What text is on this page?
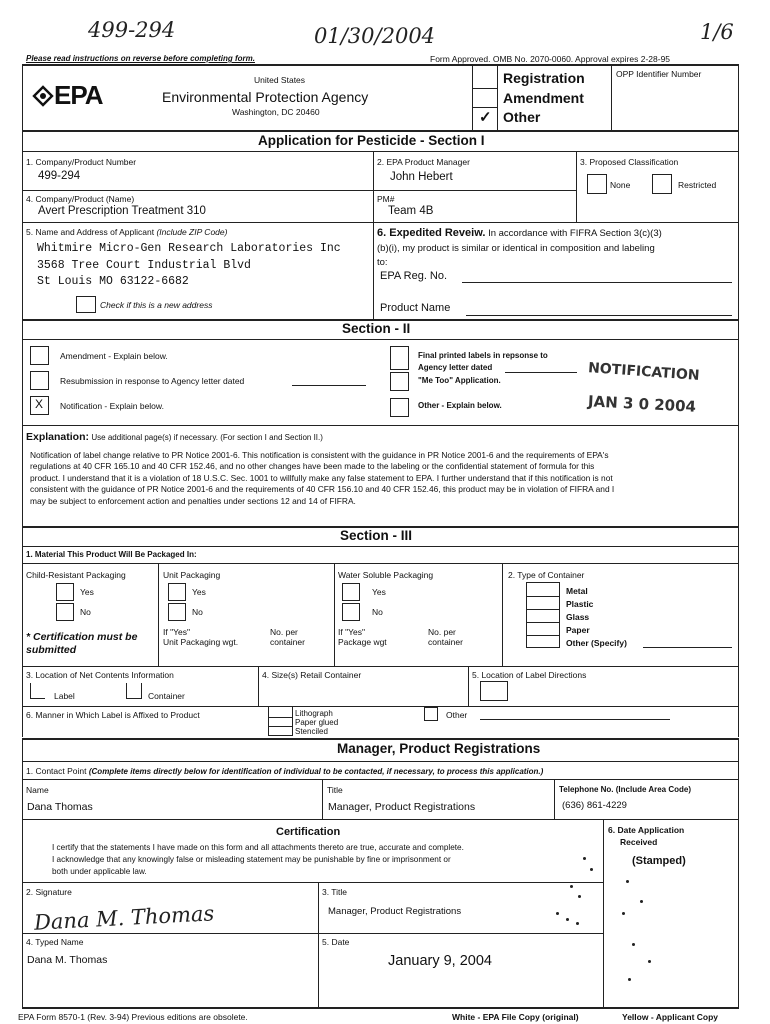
499-294	01/30/2004	1/6
Please read instructions on reverse before completing form.	Form Approved. OMB No. 2070-0060. Approval expires 2-28-95
EPA	United States
Environmental Protection Agency
Washington, DC 20460	✓
Registration
Amendment
Other
OPP Identifier Number
Application for Pesticide - Section I
1. Company/Product Number
499-294
2. EPA Product Manager
John Hebert
3. Proposed Classification
None	Restricted
4. Company/Product (Name)
Avert Prescription Treatment 310
PM#
Team 4B
5. Name and Address of Applicant (Include ZIP Code)
Whitmire Micro-Gen Research Laboratories Inc
3568 Tree Court Industrial Blvd
St Louis MO 63122-6682
Check if this is a new address
6. Expedited Reveiw. In accordance with FIFRA Section 3(c)(3)
(b)(i), my product is similar or identical in composition and labeling
to:
EPA Reg. No.
Product Name
Section - II
Amendment - Explain below.
Resubmission in response to Agency letter dated
X Notification - Explain below.
Final printed labels in repsonse to
Agency letter dated
"Me Too" Application.
Other - Explain below.
NOTIFICATION
JAN 3 0 2004
Explanation: Use additional page(s) if necessary. (For section I and Section II.)
Notification of label change relative to PR Notice 2001-6. This notification is consistent with the guidance in PR Notice 2001-6 and the requirements of EPA's
regulations at 40 CFR 165.10 and 40 CFR 152.46, and no other changes have been made to the labeling or the confidential statement of formula for this
product. I understand that it is a violation of 18 U.S.C. Sec. 1001 to willfully make any false statement to EPA. I further understand that if this notification is not
consistent with the guidance of PR Notice 2001-6 and the requirements of 40 CFR 156.10 and 40 CFR 152.46, this product may be in violation of FIFRA and I
may be subject to enforcement action and penalties under sections 12 and 14 of FIFRA.
Section - III
1. Material This Product Will Be Packaged In:
Child-Resistant Packaging
Yes
No
* Certification must be submitted
Unit Packaging
Yes
No
If "Yes"
Unit Packaging wgt.
No. per
container
Water Soluble Packaging
Yes
No
If "Yes"
Package wgt
No. per
container
2. Type of Container
Metal
Plastic
Glass
Paper
Other (Specify)
3. Location of Net Contents Information
Label	Container
4. Size(s) Retail Container	5. Location of Label Directions
6. Manner in Which Label is Affixed to Product	Lithograph
Paper glued
Stenciled
Other
Manager, Product Registrations
1. Contact Point (Complete items directly below for identification of individual to be contacted, if necessary, to process this application.)
Name
Dana Thomas
Title
Manager, Product Registrations
Telephone No. (Include Area Code)
(636) 861-4229
Certification
I certify that the statements I have made on this form and all attachments thereto are true, accurate and complete.
I acknowledge that any knowingly false or misleading statement may be punishable by fine or imprisonment or
both under applicable law.
6. Date Application
Received
(Stamped)
2. Signature
Dana M. Thomas
3. Title
Manager, Product Registrations
4. Typed Name
Dana M. Thomas
5. Date
January 9, 2004
EPA Form 8570-1 (Rev. 3-94) Previous editions are obsolete.	White - EPA File Copy (original)	Yellow - Applicant Copy
